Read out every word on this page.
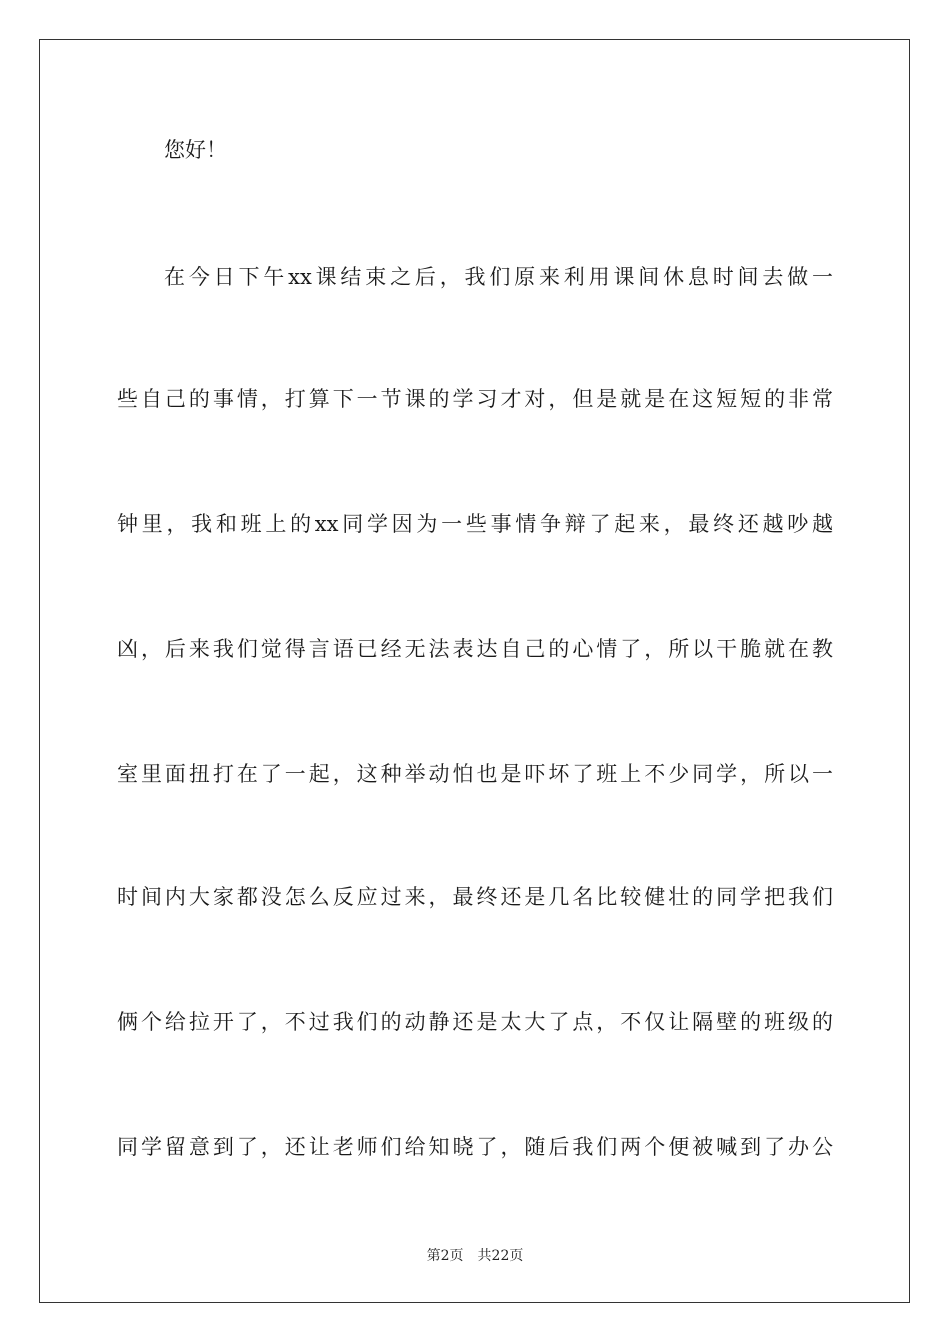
您好！
在今日下午xx课结束之后，我们原来利用课间休息时间去做一
些自己的事情，打算下一节课的学习才对，但是就是在这短短的非常
钟里，我和班上的xx同学因为一些事情争辩了起来，最终还越吵越
凶，后来我们觉得言语已经无法表达自己的心情了，所以干脆就在教
室里面扭打在了一起，这种举动怕也是吓坏了班上不少同学，所以一
时间内大家都没怎么反应过来，最终还是几名比较健壮的同学把我们
俩个给拉开了，不过我们的动静还是太大了点，不仅让隔壁的班级的
同学留意到了，还让老师们给知晓了，随后我们两个便被喊到了办公
第2页 共22页
